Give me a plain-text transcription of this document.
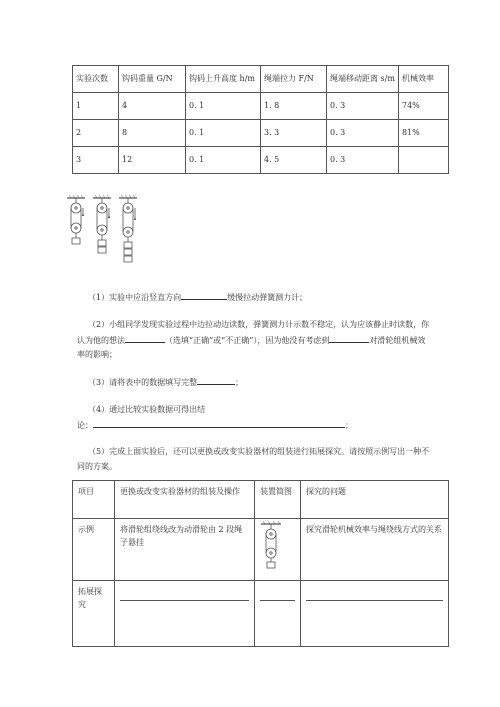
实验次数	钩码重量 G/N	钩码上升高度 h/m	绳端拉力 F/N	绳端移动距离 s/m	机械效率
1	4	0. 1	1. 8	0. 3	74%
2	8	0. 1	3. 3	0. 3	81%
3	12	0. 1	4. 5	0. 3	
（1）实验中应沿竖直方向	缓慢拉动弹簧测力计；
（2）小组同学发现实验过程中边拉动边读数，弹簧测力计示数不稳定，认为应该静止时读数，你
认为他的想法	（选填“正确”或“不正确”），因为他没有考虑到	对滑轮组机械效
率的影响；
（3）请将表中的数据填写完整	；
（4）通过比较实验数据可得出结
论：	；
（5）完成上面实验后，还可以更换或改变实验器材的组装进行拓展探究。请按照示例写出一种不
同的方案。
项目	更换或改变实验器材的组装及操作	装置简图	探究的问题
示例	将滑轮组绕线改为动滑轮由 2 段绳子悬挂		探究滑轮机械效率与绳绕线方式的关系
拓展探究	
